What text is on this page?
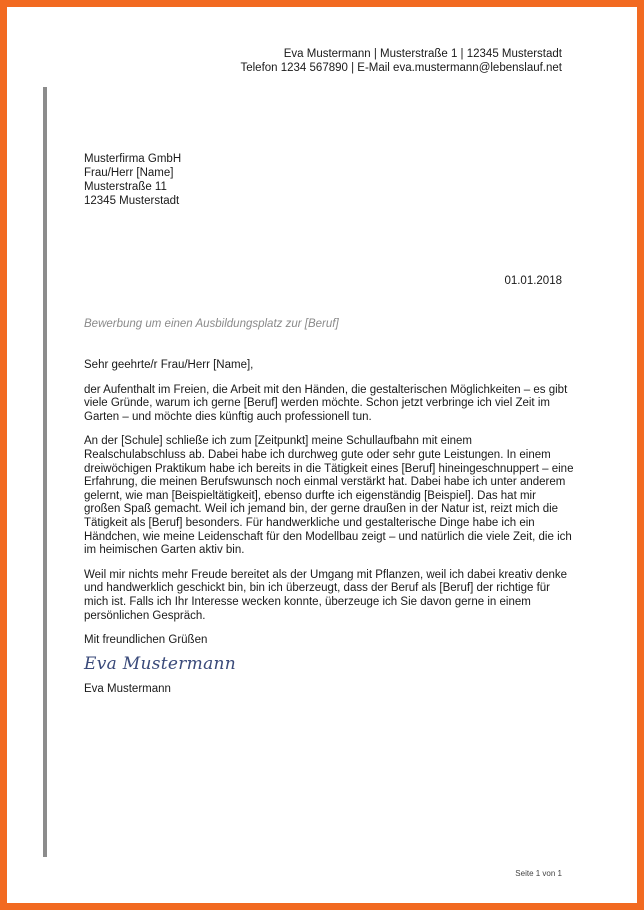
Eva Mustermann | Musterstraße 1 | 12345 Musterstadt
Telefon 1234 567890 | E-Mail eva.mustermann@lebenslauf.net
Musterfirma GmbH
Frau/Herr [Name]
Musterstraße 11
12345 Musterstadt
01.01.2018
Bewerbung um einen Ausbildungsplatz zur [Beruf]

Sehr geehrte/r Frau/Herr [Name],

der Aufenthalt im Freien, die Arbeit mit den Händen, die gestalterischen Möglichkeiten – es gibt viele Gründe, warum ich gerne [Beruf] werden möchte. Schon jetzt verbringe ich viel Zeit im Garten – und möchte dies künftig auch professionell tun.

An der [Schule] schließe ich zum [Zeitpunkt] meine Schullaufbahn mit einem Realschulabschluss ab. Dabei habe ich durchweg gute oder sehr gute Leistungen. In einem dreiwöchigen Praktikum habe ich bereits in die Tätigkeit eines [Beruf] hineingeschnuppert – eine Erfahrung, die meinen Berufswunsch noch einmal verstärkt hat. Dabei habe ich unter anderem gelernt, wie man [Beispieltätigkeit], ebenso durfte ich eigenständig [Beispiel]. Das hat mir großen Spaß gemacht. Weil ich jemand bin, der gerne draußen in der Natur ist, reizt mich die Tätigkeit als [Beruf] besonders. Für handwerkliche und gestalterische Dinge habe ich ein Händchen, wie meine Leidenschaft für den Modellbau zeigt – und natürlich die viele Zeit, die ich im heimischen Garten aktiv bin.

Weil mir nichts mehr Freude bereitet als der Umgang mit Pflanzen, weil ich dabei kreativ denke und handwerklich geschickt bin, bin ich überzeugt, dass der Beruf als [Beruf] der richtige für mich ist. Falls ich Ihr Interesse wecken konnte, überzeuge ich Sie davon gerne in einem persönlichen Gespräch.

Mit freundlichen Grüßen

Eva Mustermann
Eva Mustermann
Seite 1 von 1
